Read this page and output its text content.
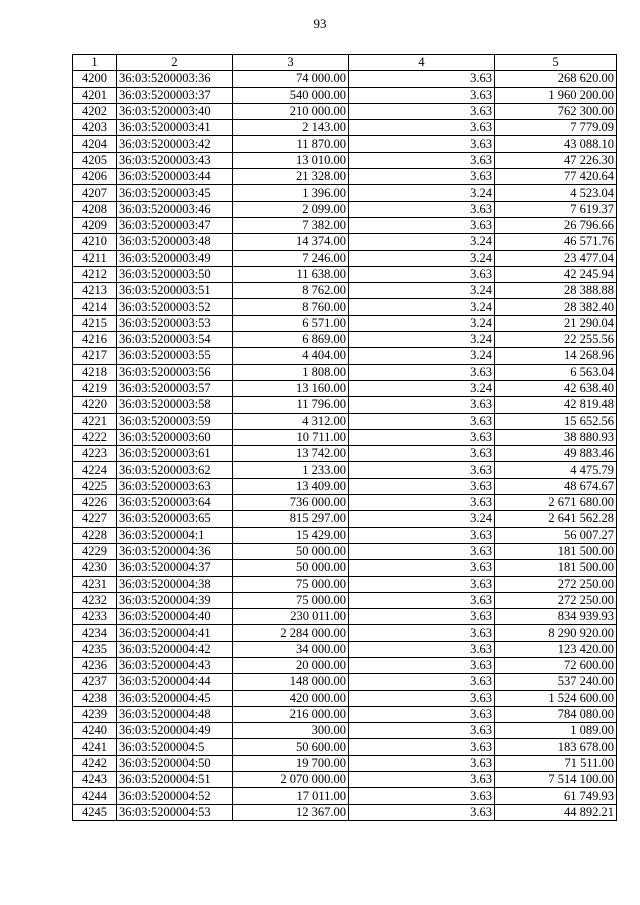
93
1	2	3	4	5
4200	36:03:5200003:36	74 000.00	3.63	268 620.00
4201	36:03:5200003:37	540 000.00	3.63	1 960 200.00
4202	36:03:5200003:40	210 000.00	3.63	762 300.00
4203	36:03:5200003:41	2 143.00	3.63	7 779.09
4204	36:03:5200003:42	11 870.00	3.63	43 088.10
4205	36:03:5200003:43	13 010.00	3.63	47 226.30
4206	36:03:5200003:44	21 328.00	3.63	77 420.64
4207	36:03:5200003:45	1 396.00	3.24	4 523.04
4208	36:03:5200003:46	2 099.00	3.63	7 619.37
4209	36:03:5200003:47	7 382.00	3.63	26 796.66
4210	36:03:5200003:48	14 374.00	3.24	46 571.76
4211	36:03:5200003:49	7 246.00	3.24	23 477.04
4212	36:03:5200003:50	11 638.00	3.63	42 245.94
4213	36:03:5200003:51	8 762.00	3.24	28 388.88
4214	36:03:5200003:52	8 760.00	3.24	28 382.40
4215	36:03:5200003:53	6 571.00	3.24	21 290.04
4216	36:03:5200003:54	6 869.00	3.24	22 255.56
4217	36:03:5200003:55	4 404.00	3.24	14 268.96
4218	36:03:5200003:56	1 808.00	3.63	6 563.04
4219	36:03:5200003:57	13 160.00	3.24	42 638.40
4220	36:03:5200003:58	11 796.00	3.63	42 819.48
4221	36:03:5200003:59	4 312.00	3.63	15 652.56
4222	36:03:5200003:60	10 711.00	3.63	38 880.93
4223	36:03:5200003:61	13 742.00	3.63	49 883.46
4224	36:03:5200003:62	1 233.00	3.63	4 475.79
4225	36:03:5200003:63	13 409.00	3.63	48 674.67
4226	36:03:5200003:64	736 000.00	3.63	2 671 680.00
4227	36:03:5200003:65	815 297.00	3.24	2 641 562.28
4228	36:03:5200004:1	15 429.00	3.63	56 007.27
4229	36:03:5200004:36	50 000.00	3.63	181 500.00
4230	36:03:5200004:37	50 000.00	3.63	181 500.00
4231	36:03:5200004:38	75 000.00	3.63	272 250.00
4232	36:03:5200004:39	75 000.00	3.63	272 250.00
4233	36:03:5200004:40	230 011.00	3.63	834 939.93
4234	36:03:5200004:41	2 284 000.00	3.63	8 290 920.00
4235	36:03:5200004:42	34 000.00	3.63	123 420.00
4236	36:03:5200004:43	20 000.00	3.63	72 600.00
4237	36:03:5200004:44	148 000.00	3.63	537 240.00
4238	36:03:5200004:45	420 000.00	3.63	1 524 600.00
4239	36:03:5200004:48	216 000.00	3.63	784 080.00
4240	36:03:5200004:49	300.00	3.63	1 089.00
4241	36:03:5200004:5	50 600.00	3.63	183 678.00
4242	36:03:5200004:50	19 700.00	3.63	71 511.00
4243	36:03:5200004:51	2 070 000.00	3.63	7 514 100.00
4244	36:03:5200004:52	17 011.00	3.63	61 749.93
4245	36:03:5200004:53	12 367.00	3.63	44 892.21
